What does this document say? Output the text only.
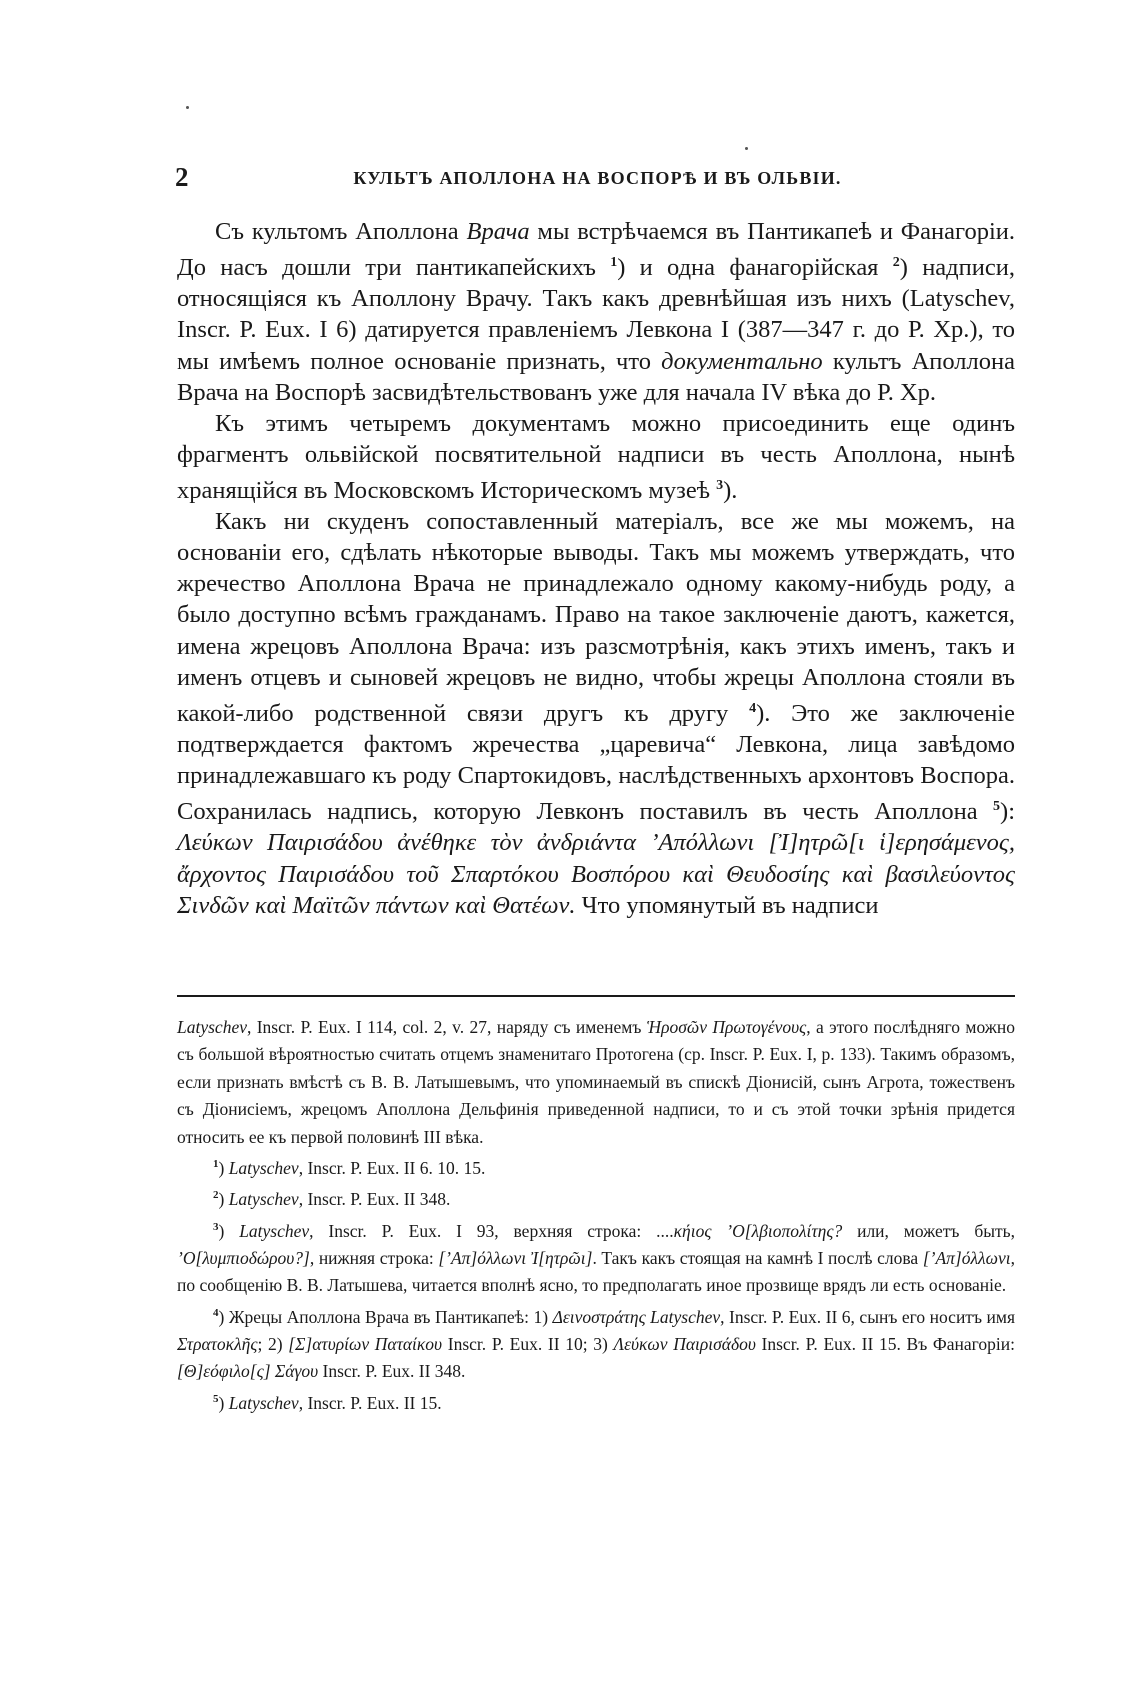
2	КУЛЬТЪ АПОЛЛОНА НА ВОСПОРѢ И ВЪ ОЛЬВІИ.

Съ культомъ Аполлона Врача мы встрѣчаемся въ Пантикапеѣ и Фанагоріи. До насъ дошли три пантикапейскихъ $^1$) и одна фанагорійская $^2$) надписи, относящіяся къ Аполлону Врачу. Такъ какъ древнѣйшая изъ нихъ (Latyschev, Inscr. P. Eux. I 6) датируется правленіемъ Левкона I (387—347 г. до Р. Хр.), то мы имѣемъ полное основаніе признать, что документально культъ Аполлона Врача на Воспорѣ засвидѣтельствованъ уже для начала IV вѣка до Р. Хр.

Къ этимъ четыремъ документамъ можно присоединить еще одинъ фрагментъ ольвійской посвятительной надписи въ честь Аполлона, нынѣ хранящійся въ Московскомъ Историческомъ музеѣ $^3$).

Какъ ни скуденъ сопоставленный матеріалъ, все же мы можемъ, на основаніи его, сдѣлать нѣкоторые выводы. Такъ мы можемъ утверждать, что жречество Аполлона Врача не принадлежало одному какому-нибудь роду, а было доступно всѣмъ гражданамъ. Право на такое заключеніе даютъ, кажется, имена жрецовъ Аполлона Врача: изъ разсмотрѣнія, какъ этихъ именъ, такъ и именъ отцевъ и сыновей жрецовъ не видно, чтобы жрецы Аполлона стояли въ какой-либо родственной связи другъ къ другу $^4$). Это же заключеніе подтверждается фактомъ жречества „царевича“ Левкона, лица завѣдомо принадлежавшаго къ роду Спартокидовъ, наслѣдственныхъ архонтовъ Воспора. Сохранилась надпись, которую Левконъ поставилъ въ честь Аполлона $^5$): Λεύκων Παιρισάδου ἀνέθηκε τὸν ἀνδριάντα ’Απόλλωνι [Ἰ]ητρῶ[ι ἱ]ερησάμενος, ἄρχοντος Παιρισάδου τοῦ Σπαρτόκου Βοσπόρου καὶ Θευδοσίης καὶ βασιλεύοντος Σινδῶν καὶ Μαϊτῶν πάντων καὶ Θατέων. Что упомянутый въ надписи

Latyschev, Inscr. P. Eux. I 114, col. 2, v. 27, наряду съ именемъ Ἡροσῶν Πρωτογένους, а этого послѣдняго можно съ большой вѣроятностью считать отцемъ знаменитаго Протогена (ср. Inscr. P. Eux. I, p. 133). Такимъ образомъ, если признать вмѣстѣ съ В. В. Латышевымъ, что упоминаемый въ спискѣ Діонисій, сынъ Агрота, тожественъ съ Діонисіемъ, жрецомъ Аполлона Дельфинія приведенной надписи, то и съ этой точки зрѣнія придется относить ее къ первой половинѣ III вѣка.

$^1$) Latyschev, Inscr. P. Eux. II 6. 10. 15.

$^2$) Latyschev, Inscr. P. Eux. II 348.

$^3$) Latyschev, Inscr. P. Eux. I 93, верхняя строка: ....κήιος ’Ο[λβιοπολίτης? или, можетъ быть, ’Ο[λυμπιοδώρου?], нижняя строка: [’Απ]όλλωνι Ἰ[ητρῶι]. Такъ какъ стоящая на камнѣ I послѣ слова [’Απ]όλλωνι, по сообщенію В. В. Латышева, читается вполнѣ ясно, то предполагать иное прозвище врядъ ли есть основаніе.

$^4$) Жрецы Аполлона Врача въ Пантикапеѣ: 1) Δεινοστράτης Latyschev, Inscr. P. Eux. II 6, сынъ его носитъ имя Στρατοκλῆς; 2) [Σ]ατυρίων Παταίκου Inscr. P. Eux. II 10; 3) Λεύκων Παιρισάδου Inscr. P. Eux. II 15. Въ Фанагоріи: [Θ]εόφιλο[ς] Σάγου Inscr. P. Eux. II 348.

$^5$) Latyschev, Inscr. P. Eux. II 15.
